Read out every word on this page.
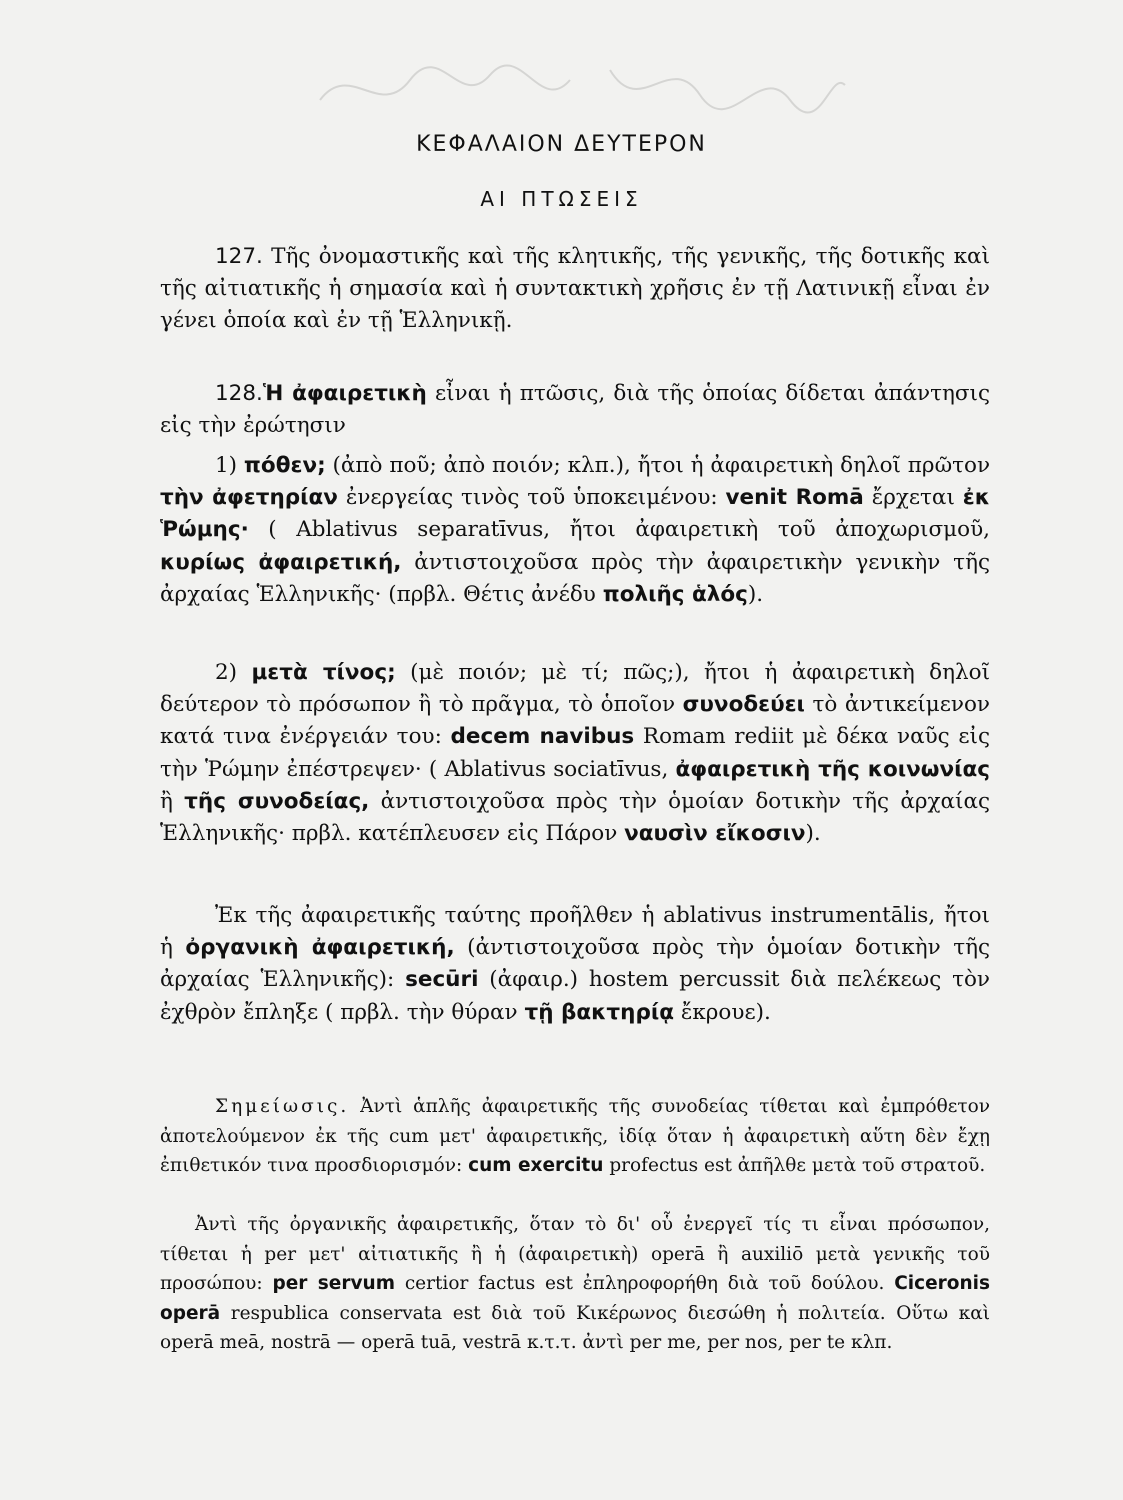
ΚΕΦΑΛΑΙΟΝ ΔΕΥΤΕΡΟΝ
ΑΙ ΠΤΩΣΕΙΣ

127. Τῆς ὀνομαστικῆς καὶ τῆς κλητικῆς, τῆς γενικῆς, τῆς δοτικῆς καὶ τῆς αἰτιατικῆς ἡ σημασία καὶ ἡ συντακτικὴ χρῆσις ἐν τῇ Λατινικῇ εἶναι ἐν γένει ὁποία καὶ ἐν τῇ Ἑλληνικῇ.

128.Ἡ ἀφαιρετικὴ εἶναι ἡ πτῶσις, διὰ τῆς ὁποίας δίδεται ἀπάντησις εἰς τὴν ἐρώτησιν

1) πόθεν; (ἀπὸ ποῦ; ἀπὸ ποιόν; κλπ.), ἤτοι ἡ ἀφαιρετικὴ δηλοῖ πρῶτον τὴν ἀφετηρίαν ἐνεργείας τινὸς τοῦ ὑποκειμένου: venit Romā ἔρχεται ἐκ Ῥώμης· ( Ablativus separatīvus, ἤτοι ἀφαιρετικὴ τοῦ ἀποχωρισμοῦ, κυρίως ἀφαιρετική, ἀντιστοιχοῦσα πρὸς τὴν ἀφαιρετικὴν γενικὴν τῆς ἀρχαίας Ἑλληνικῆς· (πρβλ. Θέτις ἀνέδυ πολιῆς ἁλός).

2) μετὰ τίνος; (μὲ ποιόν; μὲ τί; πῶς;), ἤτοι ἡ ἀφαιρετικὴ δηλοῖ δεύτερον τὸ πρόσωπον ἢ τὸ πρᾶγμα, τὸ ὁποῖον συνοδεύει τὸ ἀντικείμενον κατά τινα ἐνέργειάν του: decem navibus Romam rediit μὲ δέκα ναῦς εἰς τὴν Ῥώμην ἐπέστρεψεν· ( Ablativus sociatīvus, ἀφαιρετικὴ τῆς κοινωνίας ἢ τῆς συνοδείας, ἀντιστοιχοῦσα πρὸς τὴν ὁμοίαν δοτικὴν τῆς ἀρχαίας Ἑλληνικῆς· πρβλ. κατέπλευσεν εἰς Πάρον ναυσὶν εἴκοσιν).

Ἐκ τῆς ἀφαιρετικῆς ταύτης προῆλθεν ἡ ablativus instrumentālis, ἤτοι ἡ ὀργανικὴ ἀφαιρετική, (ἀντιστοιχοῦσα πρὸς τὴν ὁμοίαν δοτικὴν τῆς ἀρχαίας Ἑλληνικῆς): secūri (ἀφαιρ.) hostem percussit διὰ πελέκεως τὸν ἐχθρὸν ἔπληξε ( πρβλ. τὴν θύραν τῇ βακτηρίᾳ ἔκρουε).

Σημείωσις. Ἀντὶ ἁπλῆς ἀφαιρετικῆς τῆς συνοδείας τίθεται καὶ ἐμπρόθετον ἀποτελούμενον ἐκ τῆς cum μετ' ἀφαιρετικῆς, ἰδίᾳ ὅταν ἡ ἀφαιρετικὴ αὕτη δὲν ἔχῃ ἐπιθετικόν τινα προσδιορισμόν: cum exercitu profectus est ἀπῆλθε μετὰ τοῦ στρατοῦ.

Ἀντὶ τῆς ὀργανικῆς ἀφαιρετικῆς, ὅταν τὸ δι' οὗ ἐνεργεῖ τίς τι εἶναι πρόσωπον, τίθεται ἡ per μετ' αἰτιατικῆς ἢ ἡ (ἀφαιρετικὴ) operā ἢ auxiliō μετὰ γενικῆς τοῦ προσώπου: per servum certior factus est ἐπληροφορήθη διὰ τοῦ δούλου. Ciceronis operā respublica conservata est διὰ τοῦ Κικέρωνος διεσώθη ἡ πολιτεία. Οὕτω καὶ operā meā, nostrā — operā tuā, vestrā κ.τ.τ. ἀντὶ per me, per nos, per te κλπ.
